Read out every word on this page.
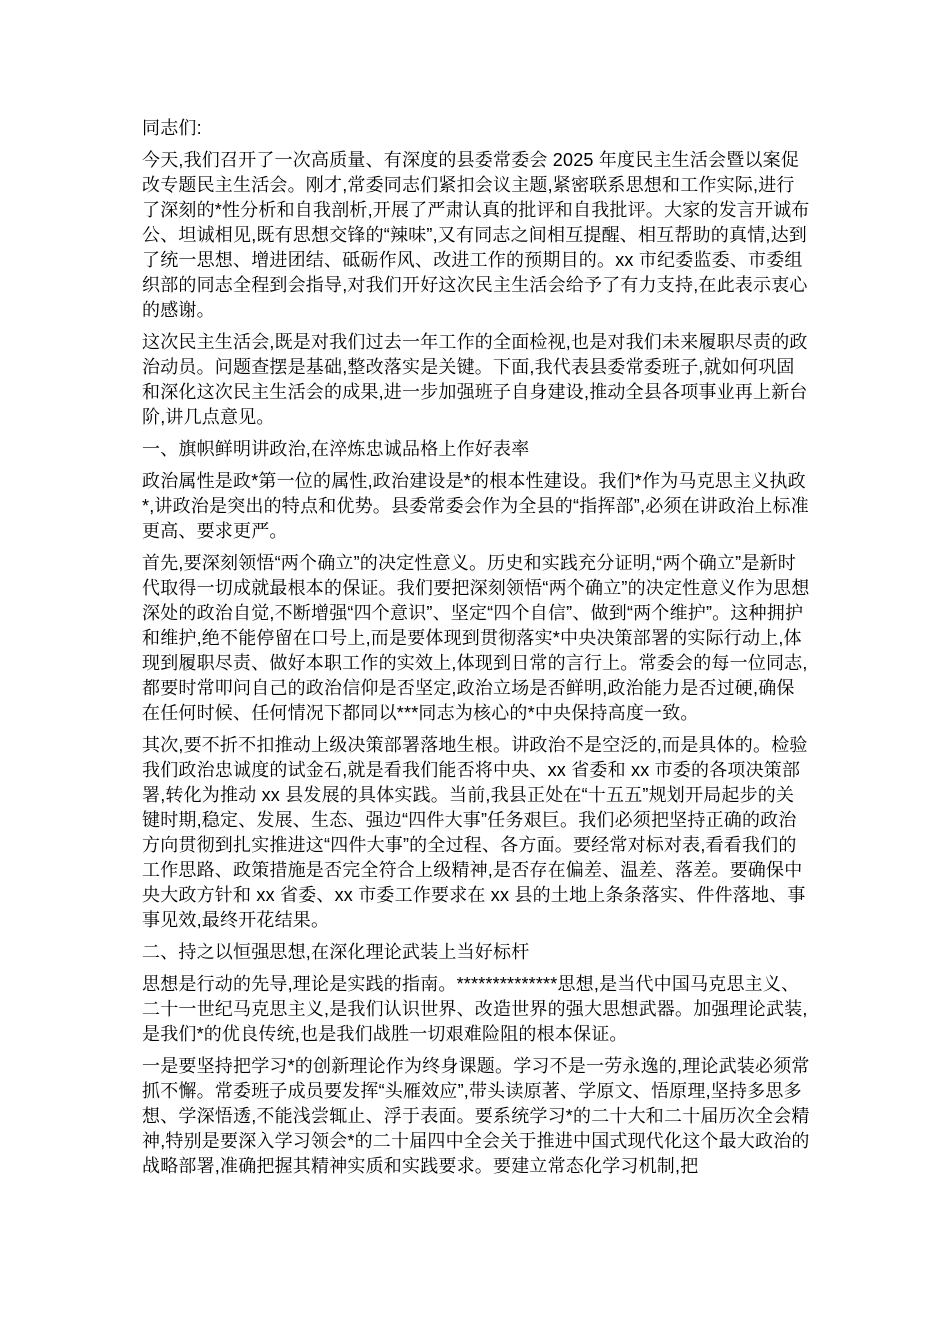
同志们:

今天,我们召开了一次高质量、有深度的县委常委会 2025 年度民主生活会暨以案促改专题民主生活会。刚才,常委同志们紧扣会议主题,紧密联系思想和工作实际,进行了深刻的*性分析和自我剖析,开展了严肃认真的批评和自我批评。大家的发言开诚布公、坦诚相见,既有思想交锋的“辣味”,又有同志之间相互提醒、相互帮助的真情,达到了统一思想、增进团结、砥砺作风、改进工作的预期目的。xx 市纪委监委、市委组织部的同志全程到会指导,对我们开好这次民主生活会给予了有力支持,在此表示衷心的感谢。

这次民主生活会,既是对我们过去一年工作的全面检视,也是对我们未来履职尽责的政治动员。问题查摆是基础,整改落实是关键。下面,我代表县委常委班子,就如何巩固和深化这次民主生活会的成果,进一步加强班子自身建设,推动全县各项事业再上新台阶,讲几点意见。

一、旗帜鲜明讲政治,在淬炼忠诚品格上作好表率

政治属性是政*第一位的属性,政治建设是*的根本性建设。我们*作为马克思主义执政*,讲政治是突出的特点和优势。县委常委会作为全县的“指挥部”,必须在讲政治上标准更高、要求更严。

首先,要深刻领悟“两个确立”的决定性意义。历史和实践充分证明,“两个确立”是新时代取得一切成就最根本的保证。我们要把深刻领悟“两个确立”的决定性意义作为思想深处的政治自觉,不断增强“四个意识”、坚定“四个自信”、做到“两个维护”。这种拥护和维护,绝不能停留在口号上,而是要体现到贯彻落实*中央决策部署的实际行动上,体现到履职尽责、做好本职工作的实效上,体现到日常的言行上。常委会的每一位同志,都要时常叩问自己的政治信仰是否坚定,政治立场是否鲜明,政治能力是否过硬,确保在任何时候、任何情况下都同以***同志为核心的*中央保持高度一致。

其次,要不折不扣推动上级决策部署落地生根。讲政治不是空泛的,而是具体的。检验我们政治忠诚度的试金石,就是看我们能否将中央、xx 省委和 xx 市委的各项决策部署,转化为推动 xx 县发展的具体实践。当前,我县正处在“十五五”规划开局起步的关键时期,稳定、发展、生态、强边“四件大事”任务艰巨。我们必须把坚持正确的政治方向贯彻到扎实推进这“四件大事”的全过程、各方面。要经常对标对表,看看我们的工作思路、政策措施是否完全符合上级精神,是否存在偏差、温差、落差。要确保中央大政方针和 xx 省委、xx 市委工作要求在 xx 县的土地上条条落实、件件落地、事事见效,最终开花结果。

二、持之以恒强思想,在深化理论武装上当好标杆

思想是行动的先导,理论是实践的指南。**************思想,是当代中国马克思主义、二十一世纪马克思主义,是我们认识世界、改造世界的强大思想武器。加强理论武装,是我们*的优良传统,也是我们战胜一切艰难险阻的根本保证。

一是要坚持把学习*的创新理论作为终身课题。学习不是一劳永逸的,理论武装必须常抓不懈。常委班子成员要发挥“头雁效应”,带头读原著、学原文、悟原理,坚持多思多想、学深悟透,不能浅尝辄止、浮于表面。要系统学习*的二十大和二十届历次全会精神,特别是要深入学习领会*的二十届四中全会关于推进中国式现代化这个最大政治的战略部署,准确把握其精神实质和实践要求。要建立常态化学习机制,把
